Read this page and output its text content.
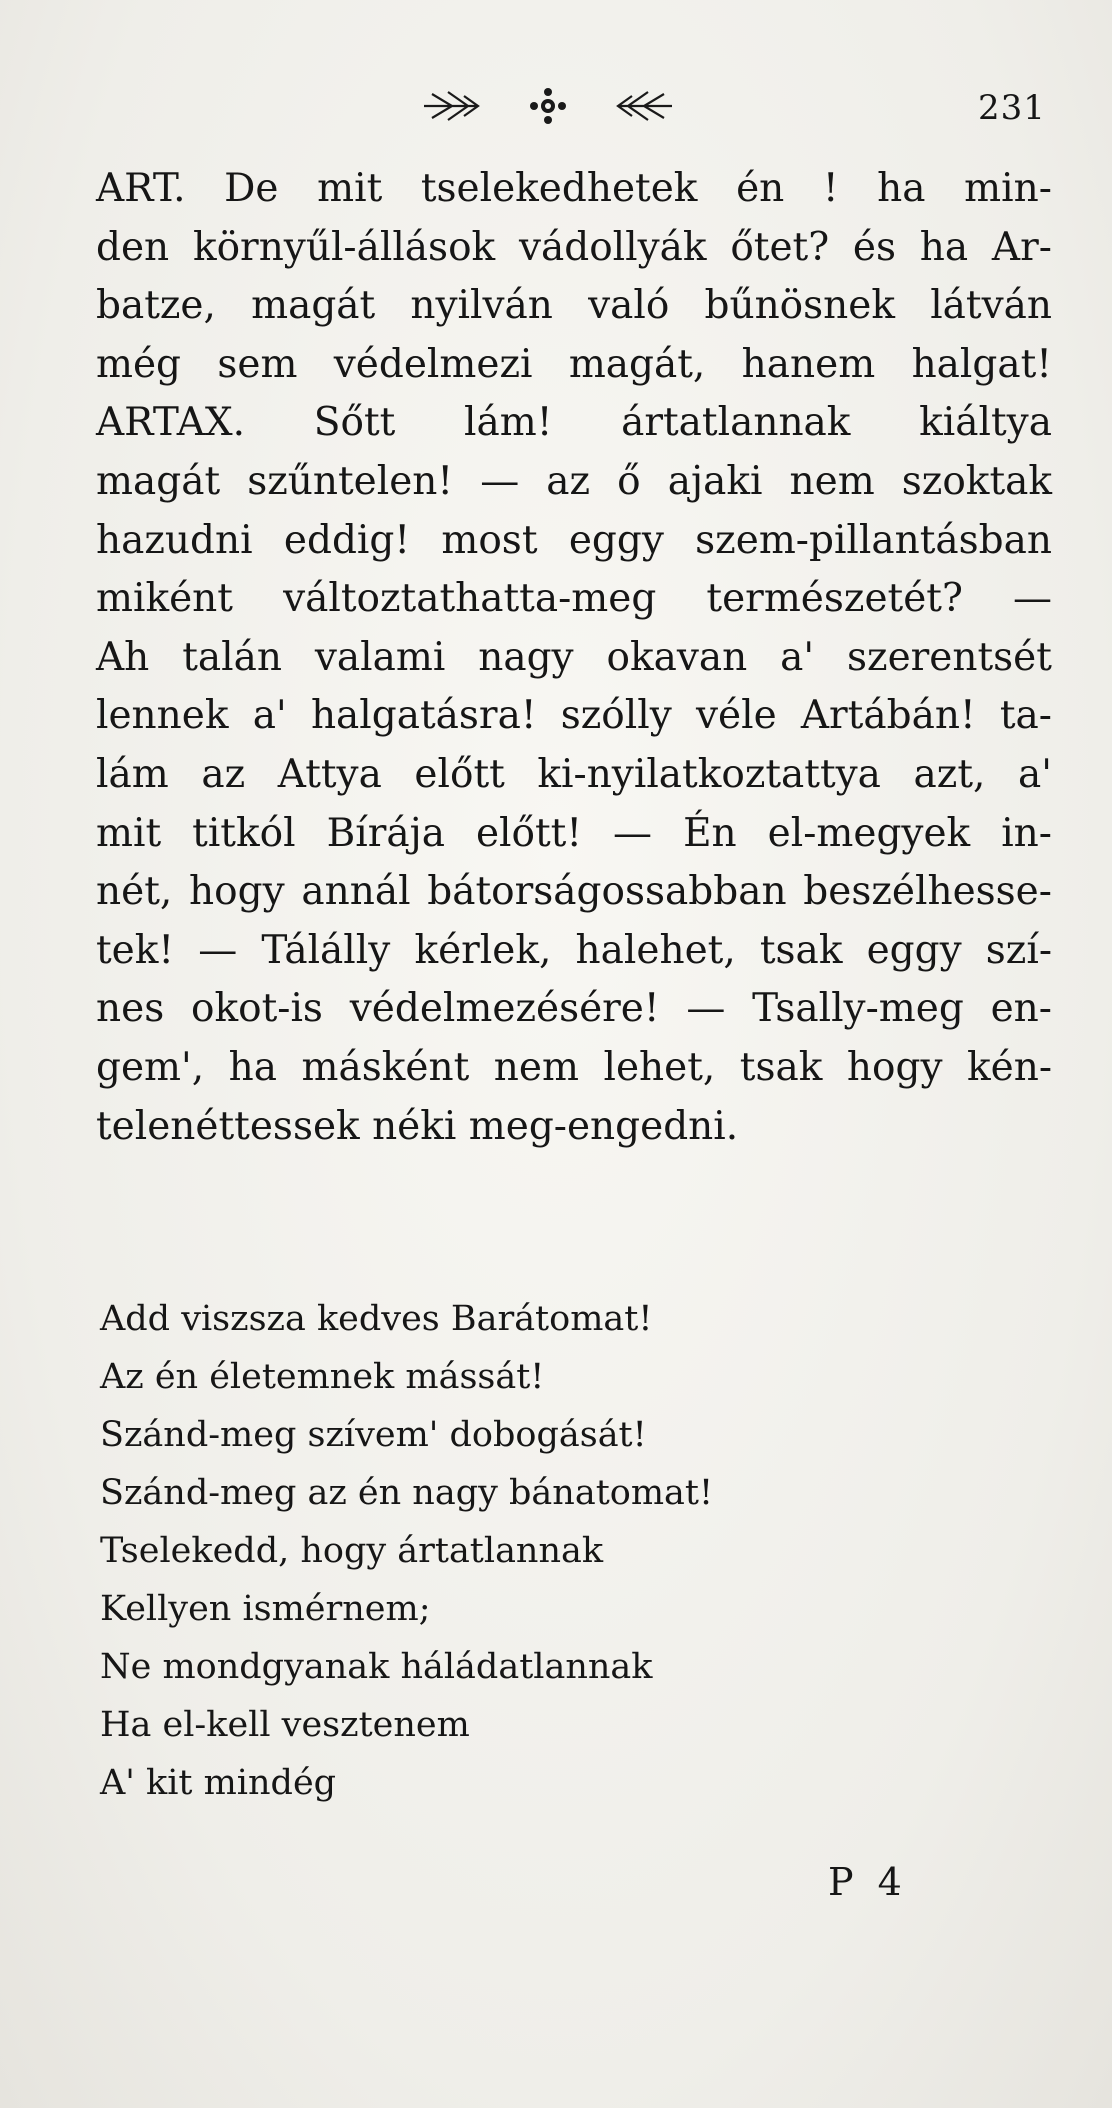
231
ART. De mit tselekedhetek én ! ha min-
den környűl-állások vádollyák őtet? és ha Ar-
batze, magát nyilván való bűnösnek látván
még sem védelmezi magát, hanem halgat!
ARTAX. Sőtt lám! ártatlannak kiáltya
magát szűntelen! — az ő ajaki nem szoktak
hazudni eddig! most eggy szem-pillantásban
miként változtathatta-meg természetét? —
Ah talán valami nagy okavan a' szerentsét
lennek a' halgatásra! szólly véle Artábán! ta-
lám az Attya előtt ki-nyilatkoztattya azt, a'
mit titkól Bírája előtt! — Én el-megyek in-
nét, hogy annál bátorságossabban beszélhesse-
tek! — Tálálly kérlek, halehet, tsak eggy szí-
nes okot-is védelmezésére! — Tsally-meg en-
gem', ha másként nem lehet, tsak hogy kén-
telenéttessek néki meg-engedni.
Add viszsza kedves Barátomat!
Az én életemnek mássát!
Szánd-meg szívem' dobogását!
Szánd-meg az én nagy bánatomat!
Tselekedd, hogy ártatlannak
Kellyen ismérnem;
Ne mondgyanak háládatlannak
Ha el-kell vesztenem
A' kit mindég
P 4
